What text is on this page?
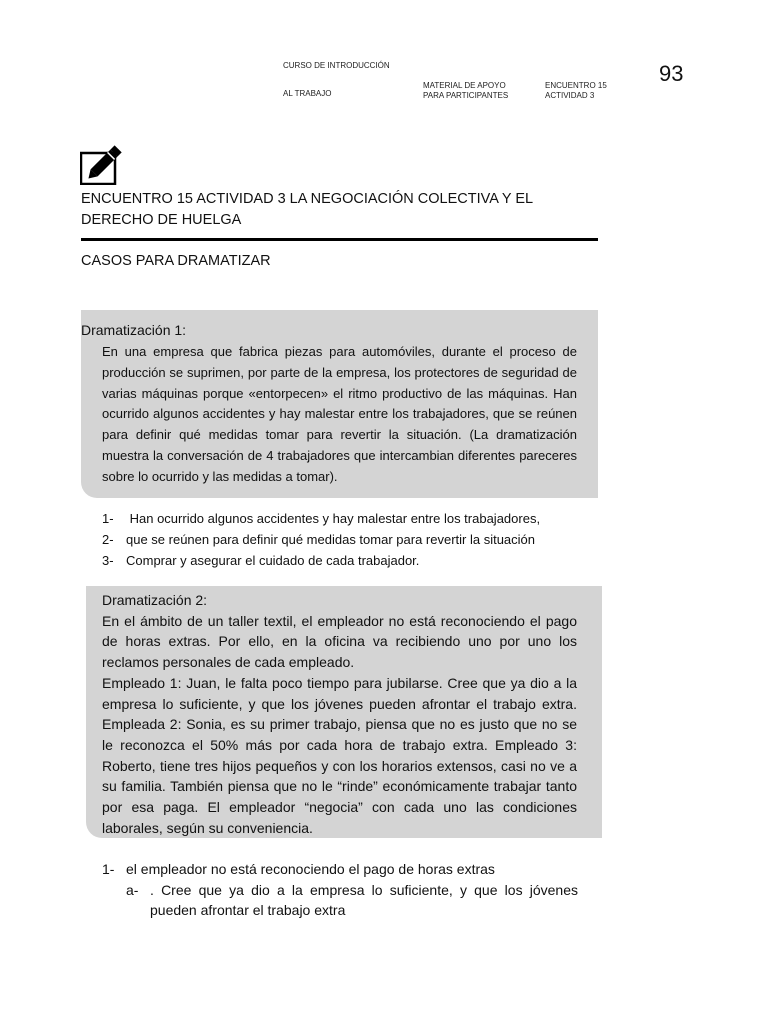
CURSO DE INTRODUCCIÓN
AL TRABAJO
MATERIAL DE APOYO
PARA PARTICIPANTES
ENCUENTRO 15
ACTIVIDAD 3
93
ENCUENTRO 15 ACTIVIDAD 3 LA NEGOCIACIÓN COLECTIVA Y EL DERECHO DE HUELGA
CASOS PARA DRAMATIZAR
Dramatización 1:
En una empresa que fabrica piezas para automóviles, durante el proceso de producción se suprimen, por parte de la empresa, los protectores de seguridad de varias máquinas porque «entorpecen» el ritmo productivo de las máquinas. Han ocurrido algunos accidentes y hay malestar entre los trabajadores, que se reúnen para definir qué medidas tomar para revertir la situación. (La dramatización muestra la conversación de 4 trabajadores que intercambian diferentes pareceres sobre lo ocurrido y las medidas a tomar).
1- Han ocurrido algunos accidentes y hay malestar entre los trabajadores,
2- que se reúnen para definir qué medidas tomar para revertir la situación
3- Comprar y asegurar el cuidado de cada trabajador.
Dramatización 2:
En el ámbito de un taller textil, el empleador no está reconociendo el pago de horas extras. Por ello, en la oficina va recibiendo uno por uno los reclamos personales de cada empleado.
Empleado 1: Juan, le falta poco tiempo para jubilarse. Cree que ya dio a la empresa lo suficiente, y que los jóvenes pueden afrontar el trabajo extra. Empleada 2: Sonia, es su primer trabajo, piensa que no es justo que no se le reconozca el 50% más por cada hora de trabajo extra. Empleado 3: Roberto, tiene tres hijos pequeños y con los horarios extensos, casi no ve a su familia. También piensa que no le “rinde” económicamente trabajar tanto por esa paga. El empleador “negocia” con cada uno las condiciones laborales, según su conveniencia.
1- el empleador no está reconociendo el pago de horas extras
a- . Cree que ya dio a la empresa lo suficiente, y que los jóvenes pueden afrontar el trabajo extra
